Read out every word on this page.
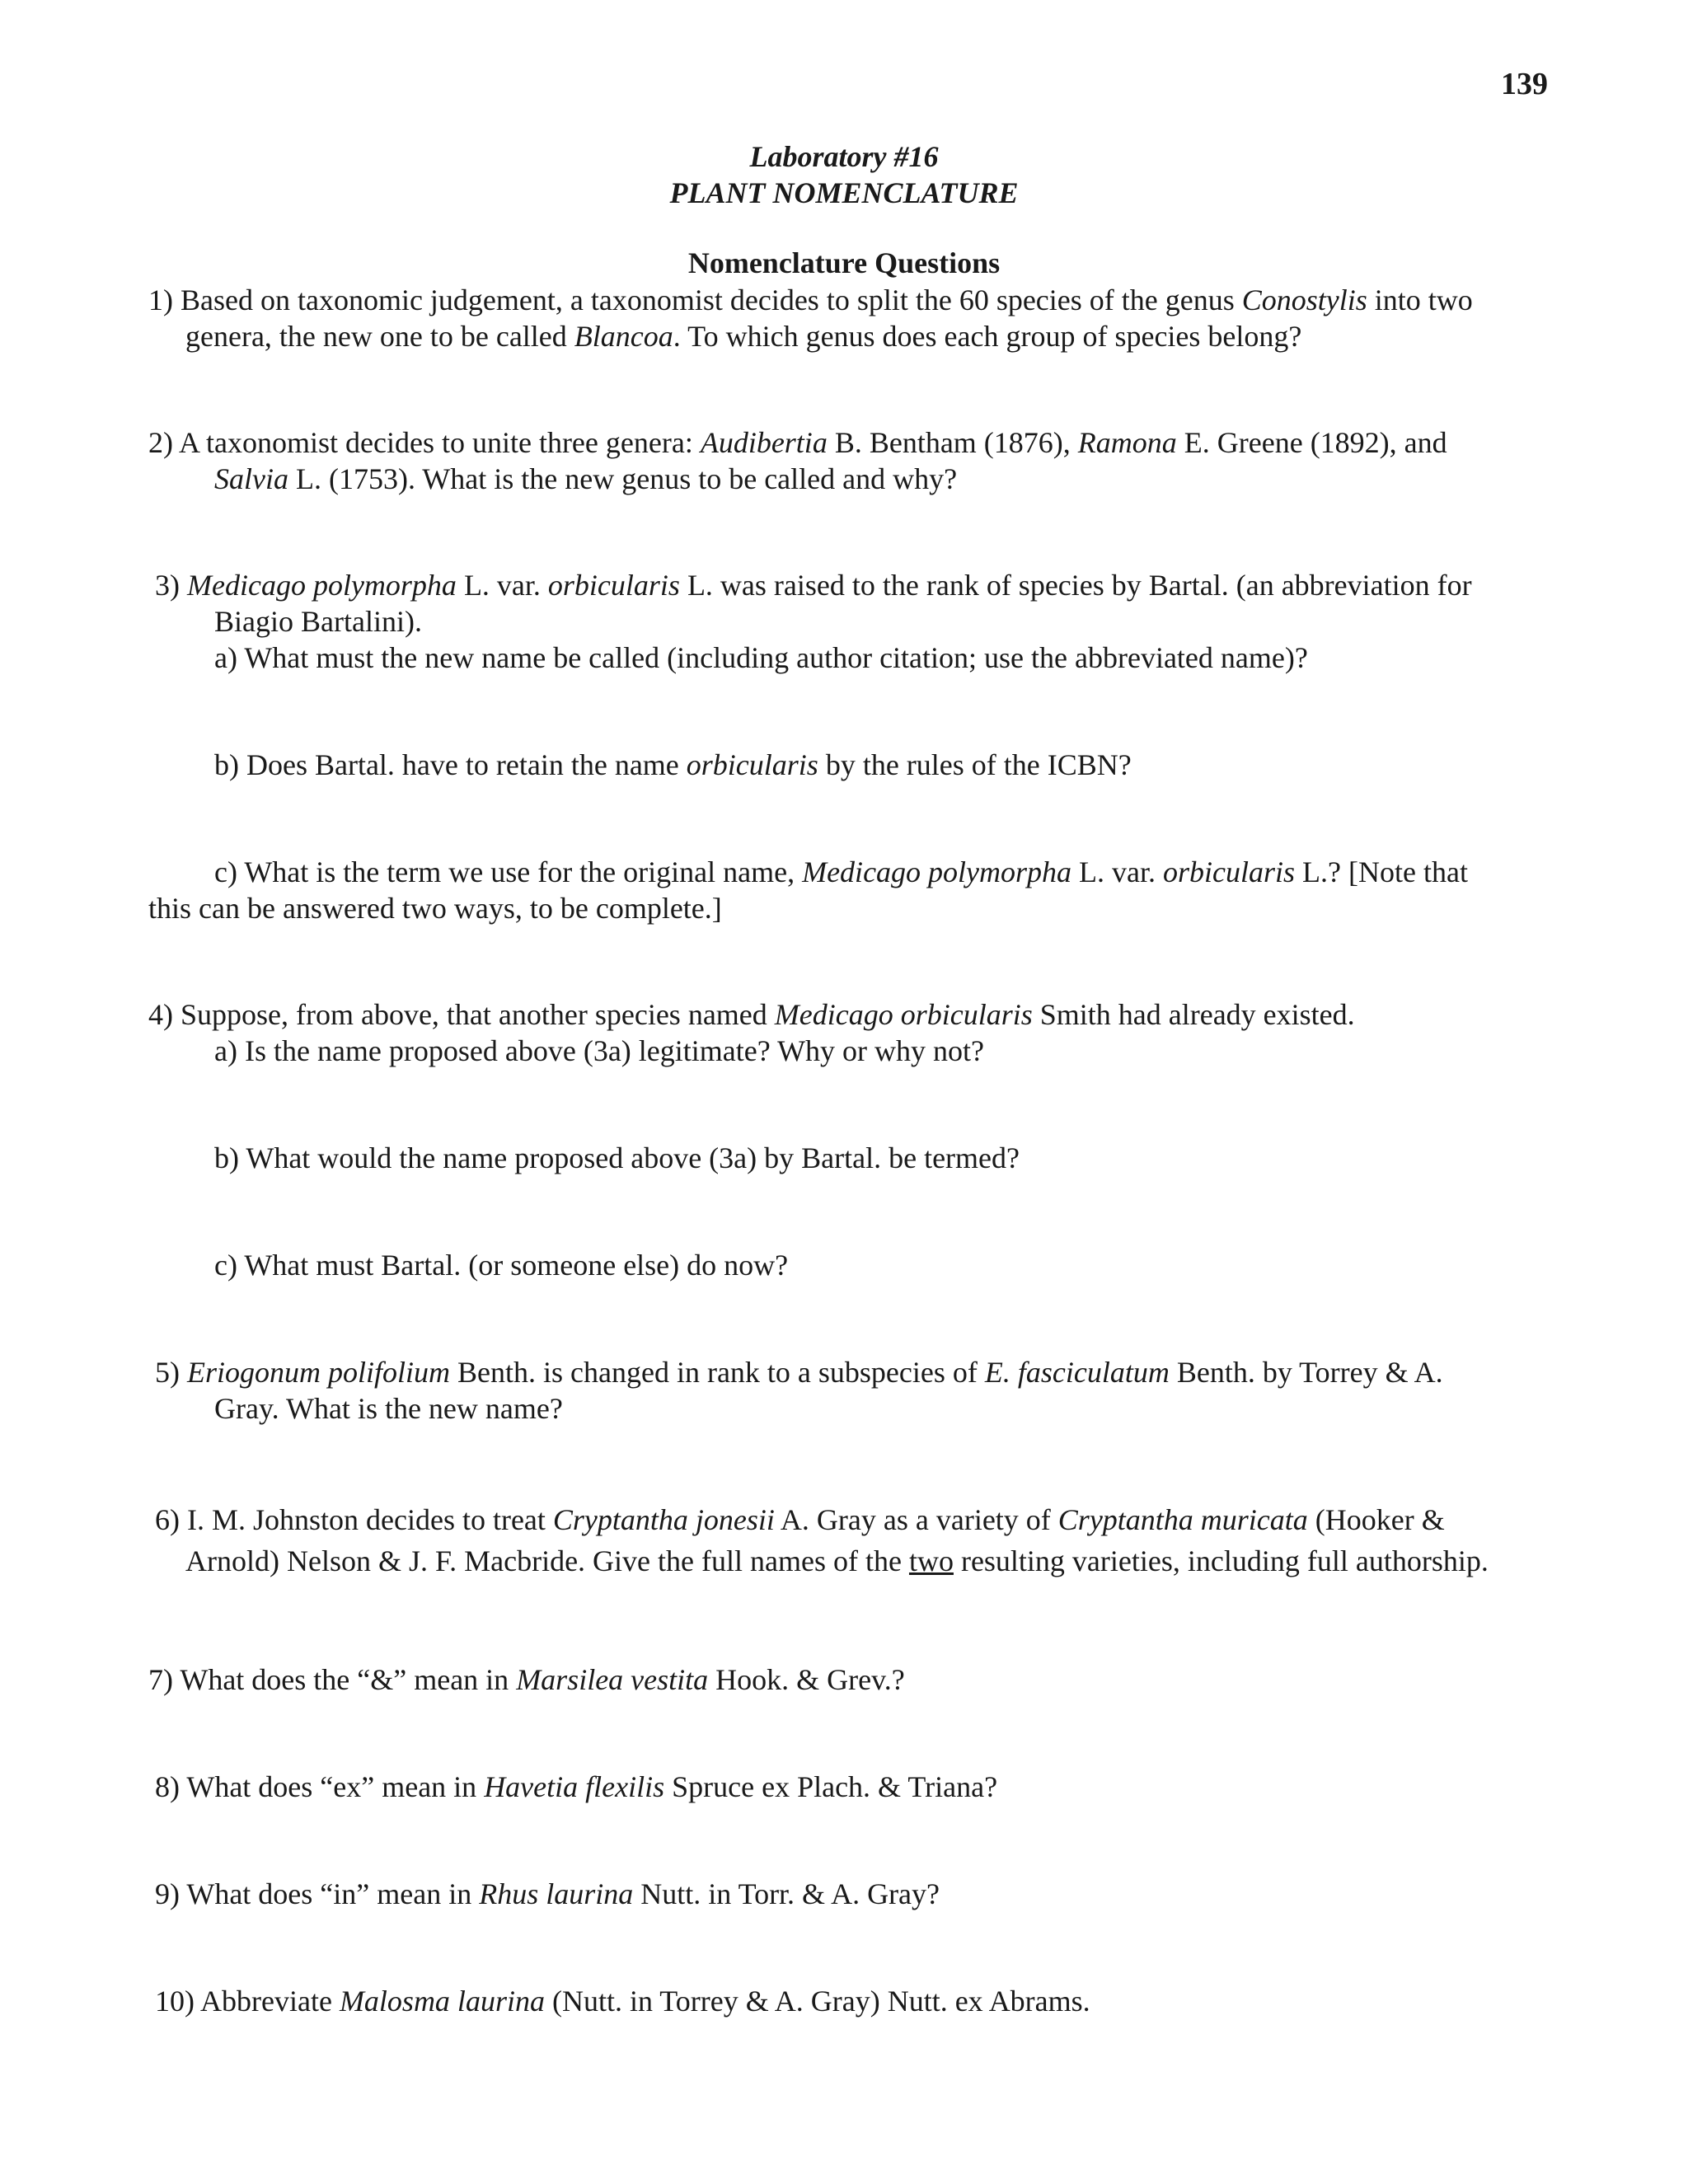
139
Laboratory #16
PLANT NOMENCLATURE
Nomenclature Questions
1) Based on taxonomic judgement, a taxonomist decides to split the 60 species of the genus Conostylis into two
genera, the new one to be called Blancoa. To which genus does each group of species belong?
2) A taxonomist decides to unite three genera: Audibertia B. Bentham (1876), Ramona E. Greene (1892), and
Salvia L. (1753). What is the new genus to be called and why?
3) Medicago polymorpha L. var. orbicularis L. was raised to the rank of species by Bartal. (an abbreviation for
Biagio Bartalini).
a) What must the new name be called (including author citation; use the abbreviated name)?
b) Does Bartal. have to retain the name orbicularis by the rules of the ICBN?
c) What is the term we use for the original name, Medicago polymorpha L. var. orbicularis L.? [Note that
this can be answered two ways, to be complete.]
4) Suppose, from above, that another species named Medicago orbicularis Smith had already existed.
a) Is the name proposed above (3a) legitimate? Why or why not?
b) What would the name proposed above (3a) by Bartal. be termed?
c) What must Bartal. (or someone else) do now?
5) Eriogonum polifolium Benth. is changed in rank to a subspecies of E. fasciculatum Benth. by Torrey & A.
Gray. What is the new name?
6) I. M. Johnston decides to treat Cryptantha jonesii A. Gray as a variety of Cryptantha muricata (Hooker &
Arnold) Nelson & J. F. Macbride. Give the full names of the two resulting varieties, including full authorship.
7) What does the “&” mean in Marsilea vestita Hook. & Grev.?
8) What does “ex” mean in Havetia flexilis Spruce ex Plach. & Triana?
9) What does “in” mean in Rhus laurina Nutt. in Torr. & A. Gray?
10) Abbreviate Malosma laurina (Nutt. in Torrey & A. Gray) Nutt. ex Abrams.
